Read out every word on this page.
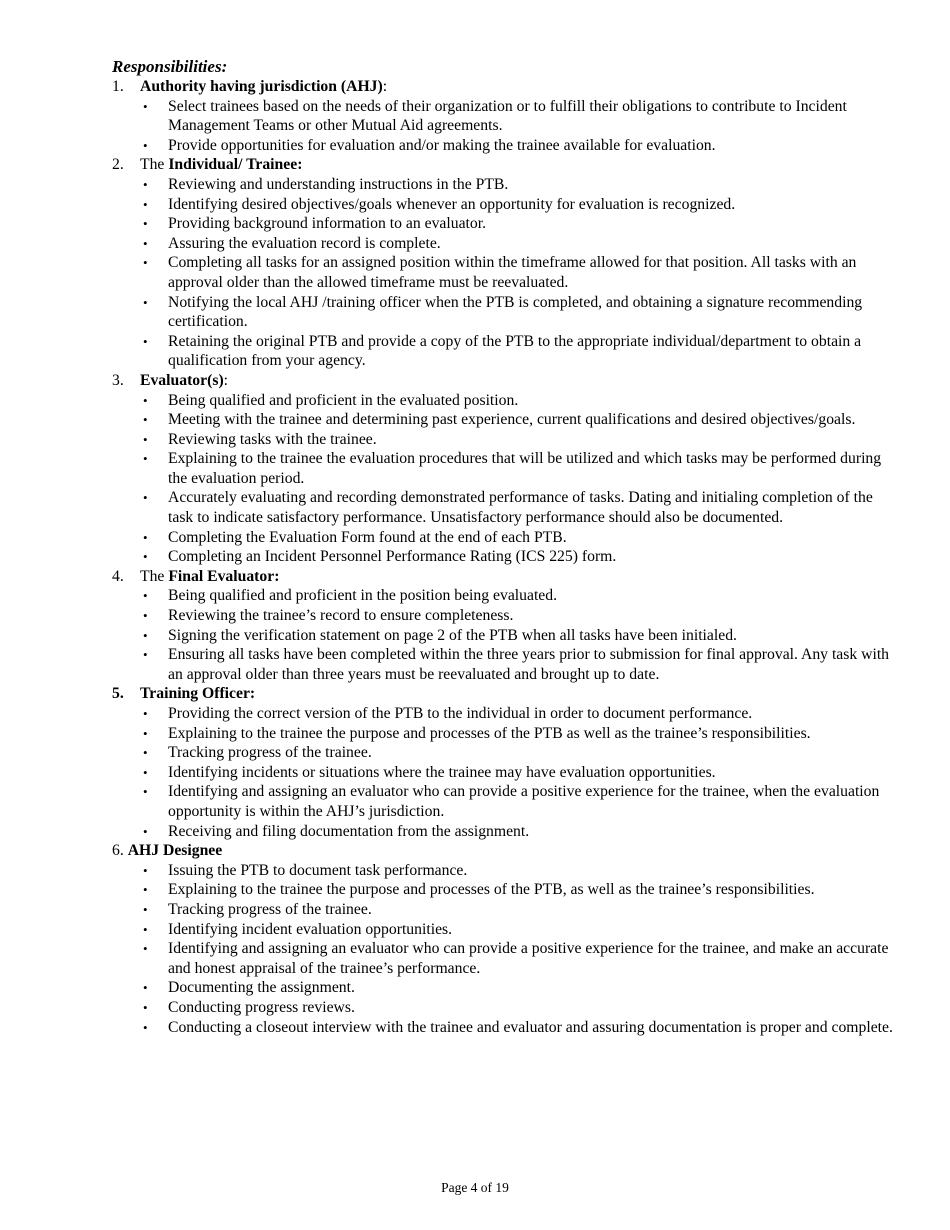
Responsibilities:
1.	Authority having jurisdiction (AHJ):
• Select trainees based on the needs of their organization or to fulfill their obligations to contribute to Incident Management Teams or other Mutual Aid agreements.
• Provide opportunities for evaluation and/or making the trainee available for evaluation.
2.	The Individual/ Trainee:
• Reviewing and understanding instructions in the PTB.
• Identifying desired objectives/goals whenever an opportunity for evaluation is recognized.
• Providing background information to an evaluator.
• Assuring the evaluation record is complete.
• Completing all tasks for an assigned position within the timeframe allowed for that position. All tasks with an approval older than the allowed timeframe must be reevaluated.
• Notifying the local AHJ /training officer when the PTB is completed, and obtaining a signature recommending certification.
• Retaining the original PTB and provide a copy of the PTB to the appropriate individual/department to obtain a qualification from your agency.
3.	Evaluator(s):
• Being qualified and proficient in the evaluated position.
• Meeting with the trainee and determining past experience, current qualifications and desired objectives/goals.
• Reviewing tasks with the trainee.
• Explaining to the trainee the evaluation procedures that will be utilized and which tasks may be performed during the evaluation period.
• Accurately evaluating and recording demonstrated performance of tasks. Dating and initialing completion of the task to indicate satisfactory performance. Unsatisfactory performance should also be documented.
• Completing the Evaluation Form found at the end of each PTB.
• Completing an Incident Personnel Performance Rating (ICS 225) form.
4.	The Final Evaluator:
• Being qualified and proficient in the position being evaluated.
• Reviewing the trainee’s record to ensure completeness.
• Signing the verification statement on page 2 of the PTB when all tasks have been initialed.
• Ensuring all tasks have been completed within the three years prior to submission for final approval. Any task with an approval older than three years must be reevaluated and brought up to date.
5.	Training Officer:
• Providing the correct version of the PTB to the individual in order to document performance.
• Explaining to the trainee the purpose and processes of the PTB as well as the trainee’s responsibilities.
• Tracking progress of the trainee.
• Identifying incidents or situations where the trainee may have evaluation opportunities.
• Identifying and assigning an evaluator who can provide a positive experience for the trainee, when the evaluation opportunity is within the AHJ’s jurisdiction.
• Receiving and filing documentation from the assignment.
6. AHJ Designee
• Issuing the PTB to document task performance.
• Explaining to the trainee the purpose and processes of the PTB, as well as the trainee’s responsibilities.
• Tracking progress of the trainee.
• Identifying incident evaluation opportunities.
• Identifying and assigning an evaluator who can provide a positive experience for the trainee, and make an accurate and honest appraisal of the trainee’s performance.
• Documenting the assignment.
• Conducting progress reviews.
• Conducting a closeout interview with the trainee and evaluator and assuring documentation is proper and complete.
Page 4 of 19
